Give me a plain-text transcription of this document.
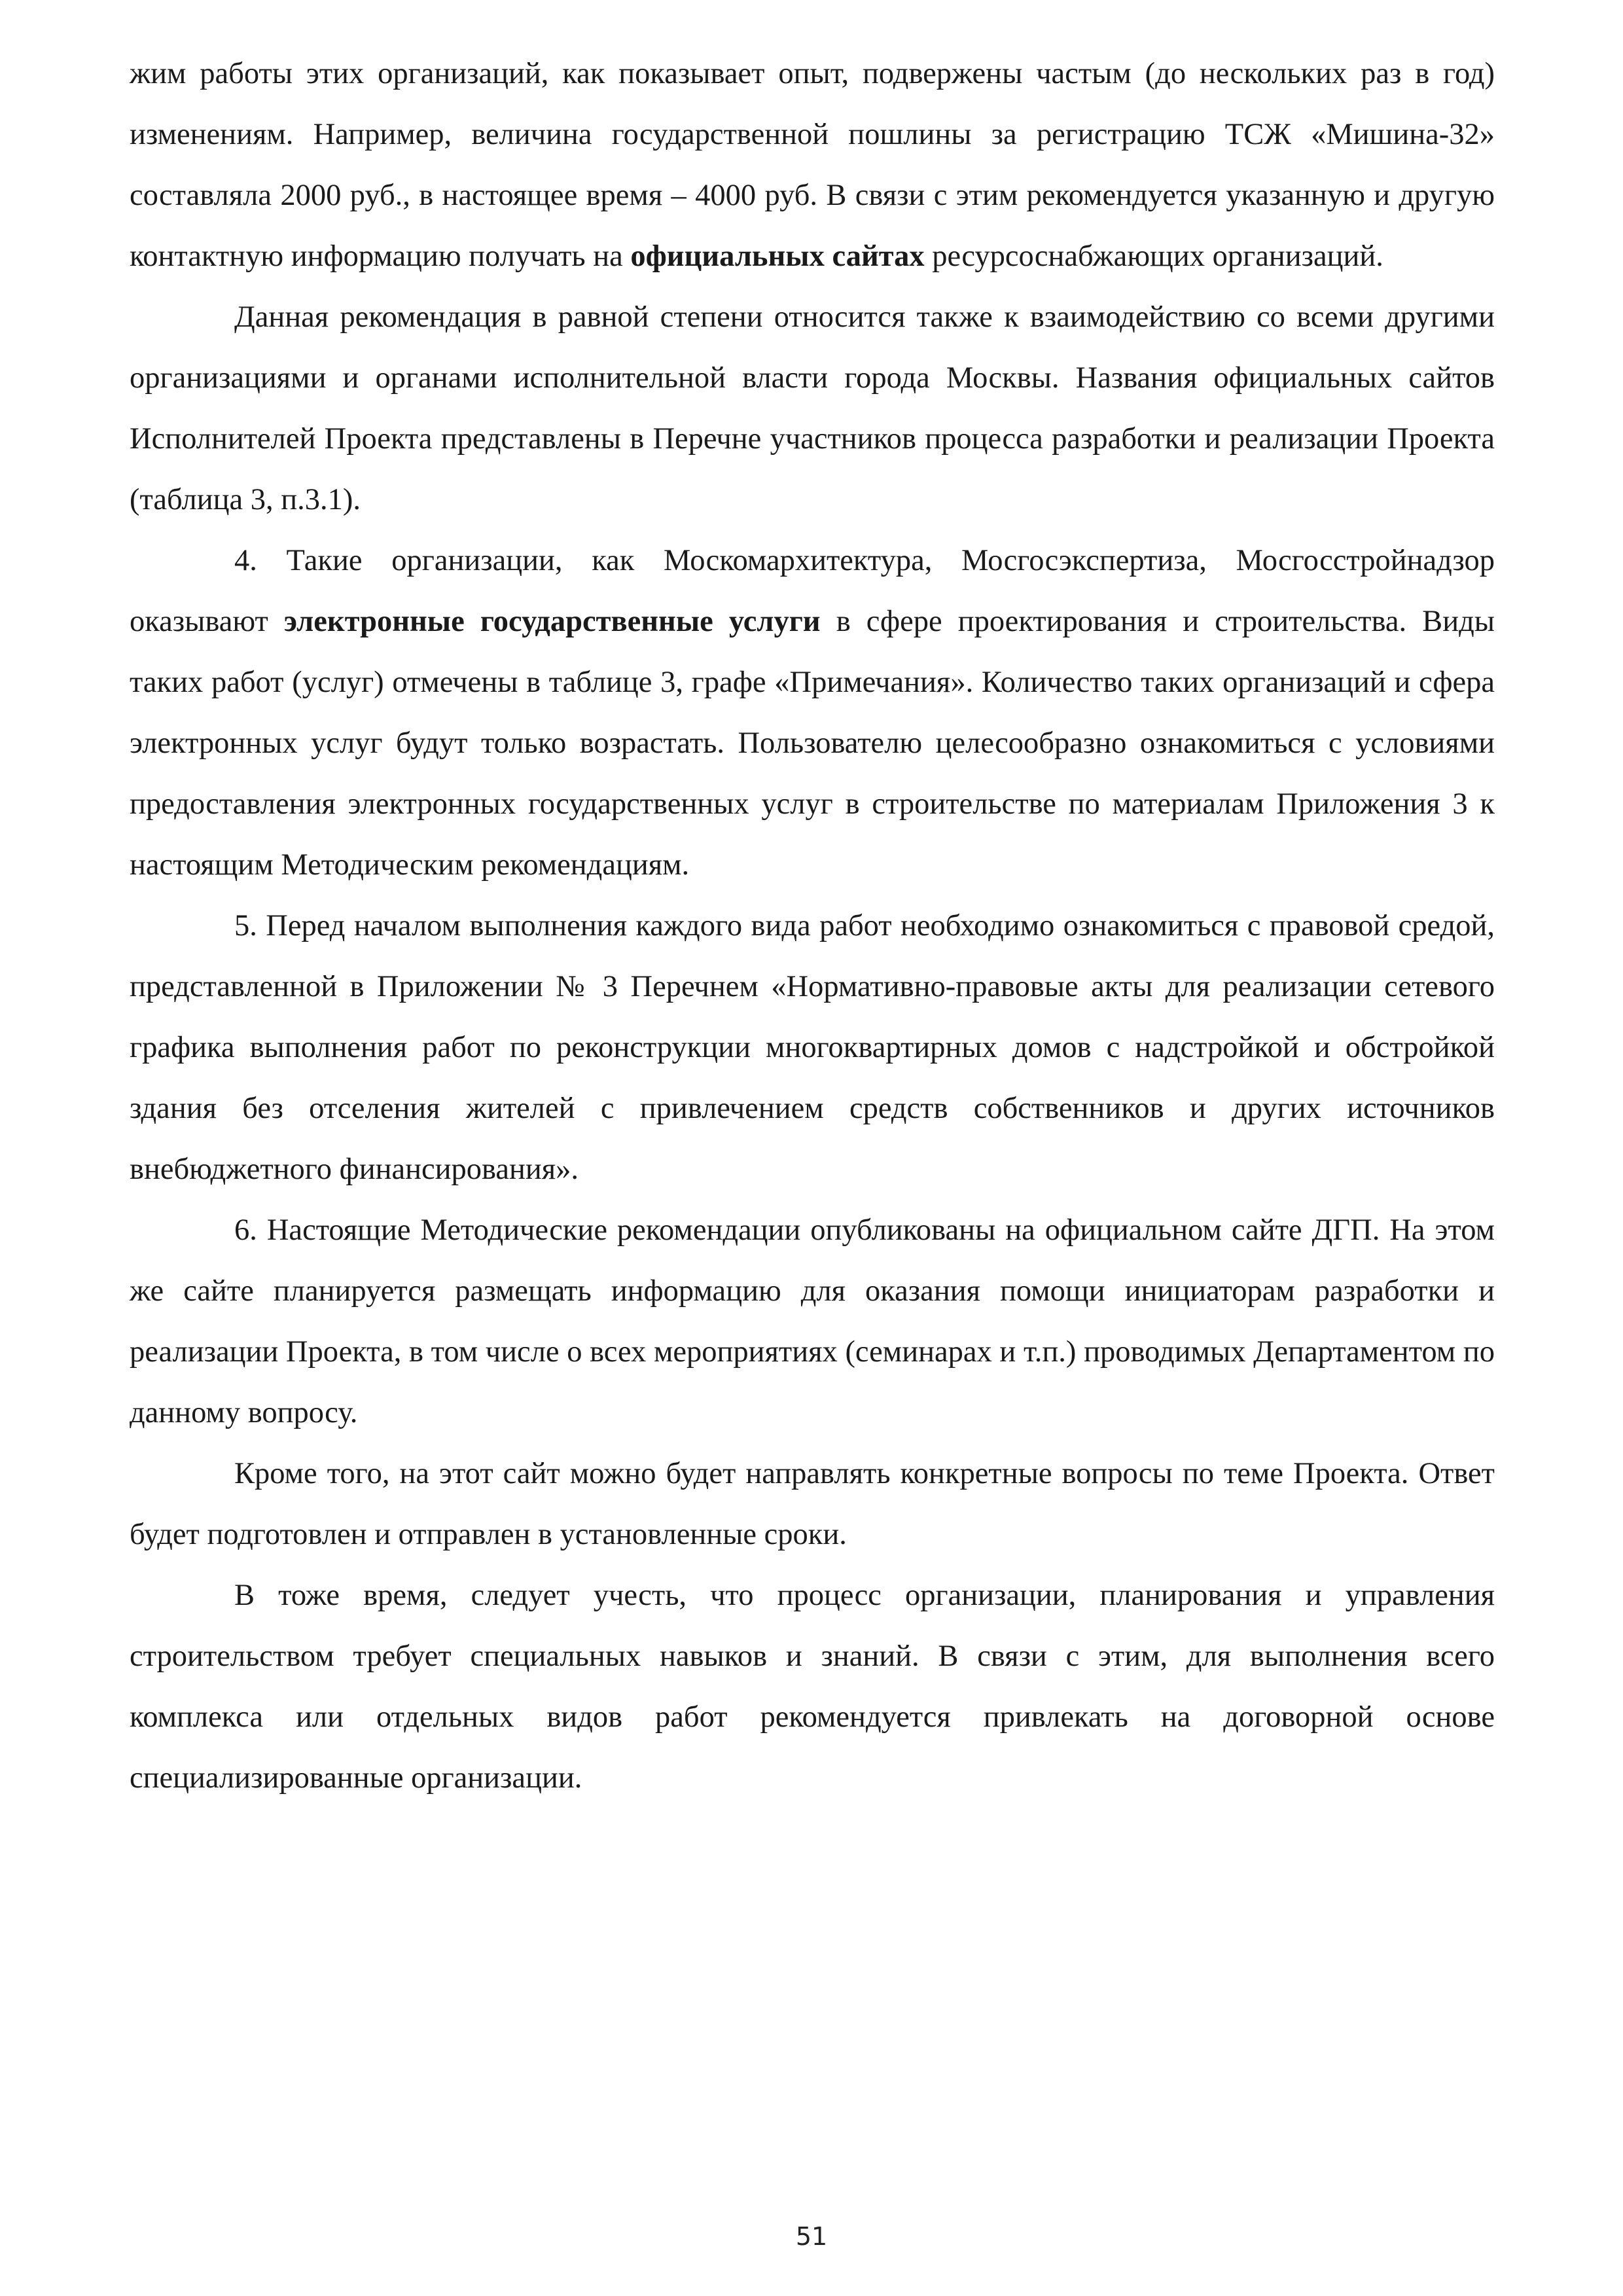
жим работы этих организаций, как показывает опыт, подвержены частым (до нескольких раз в год) изменениям. Например, величина государственной пошлины за регистрацию ТСЖ «Мишина-32» составляла 2000 руб., в настоящее время – 4000 руб. В связи с этим рекомендуется указанную и другую контактную информацию получать на официальных сайтах ресурсоснабжающих организаций.

Данная рекомендация в равной степени относится также к взаимодействию со всеми другими организациями и органами исполнительной власти города Москвы. Названия официальных сайтов Исполнителей Проекта представлены в Перечне участников процесса разработки и реализации Проекта (таблица 3, п.3.1).

4. Такие организации, как Москомархитектура, Мосгосэкспертиза, Мосгосстройнадзор оказывают электронные государственные услуги в сфере проектирования и строительства. Виды таких работ (услуг) отмечены в таблице 3, графе «Примечания». Количество таких организаций и сфера электронных услуг будут только возрастать. Пользователю целесообразно ознакомиться с условиями предоставления электронных государственных услуг в строительстве по материалам Приложения 3 к настоящим Методическим рекомендациям.

5. Перед началом выполнения каждого вида работ необходимо ознакомиться с правовой средой, представленной в Приложении № 3 Перечнем «Нормативно-правовые акты для реализации сетевого графика выполнения работ по реконструкции многоквартирных домов с надстройкой и обстройкой здания без отселения жителей с привлечением средств собственников и других источников внебюджетного финансирования».

6. Настоящие Методические рекомендации опубликованы на официальном сайте ДГП. На этом же сайте планируется размещать информацию для оказания помощи инициаторам разработки и реализации Проекта, в том числе о всех мероприятиях (семинарах и т.п.) проводимых Департаментом по данному вопросу.

Кроме того, на этот сайт можно будет направлять конкретные вопросы по теме Проекта. Ответ будет подготовлен и отправлен в установленные сроки.

В тоже время, следует учесть, что процесс организации, планирования и управления строительством требует специальных навыков и знаний. В связи с этим, для выполнения всего комплекса или отдельных видов работ рекомендуется привлекать на договорной основе специализированные организации.

51
